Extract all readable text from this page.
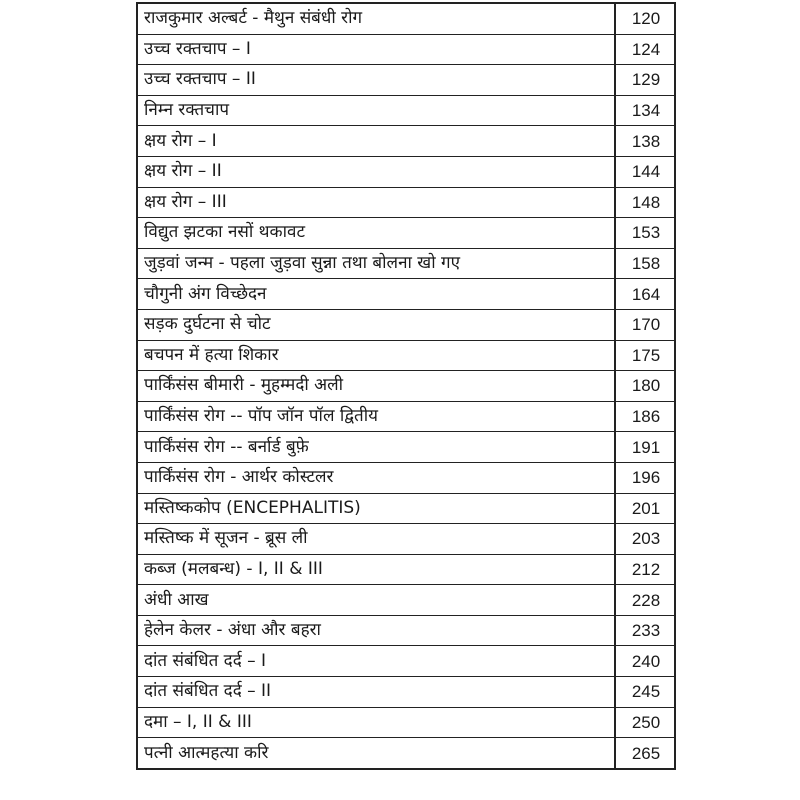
राजकुमार अल्बर्ट - मैथुन संबंधी रोग	120
उच्च रक्तचाप – I	124
उच्च रक्तचाप – II	129
निम्न रक्तचाप	134
क्षय रोग – I	138
क्षय रोग – II	144
क्षय रोग – III	148
विद्युत झटका नसों थकावट	153
जुड़वां जन्म - पहला जुड़वा सुन्ना तथा बोलना खो गए	158
चौगुनी अंग विच्छेदन	164
सड़क दुर्घटना से चोट	170
बचपन में हत्या शिकार	175
पार्किंसंस बीमारी - मुहम्मदी अली	180
पार्किंसंस रोग -- पॉप जॉन पॉल द्वितीय	186
पार्किंसंस रोग -- बर्नार्ड बुफ़े	191
पार्किंसंस रोग - आर्थर कोस्टलर	196
मस्तिष्ककोप (ENCEPHALITIS)	201
मस्तिष्क में सूजन - ब्रूस ली	203
कब्ज (मलबन्ध) - I, II & III	212
अंधी आख	228
हेलेन केलर - अंधा और बहरा	233
दांत संबंधित दर्द – I	240
दांत संबंधित दर्द – II	245
दमा – I, II & III	250
पत्नी आत्महत्या करि	265
